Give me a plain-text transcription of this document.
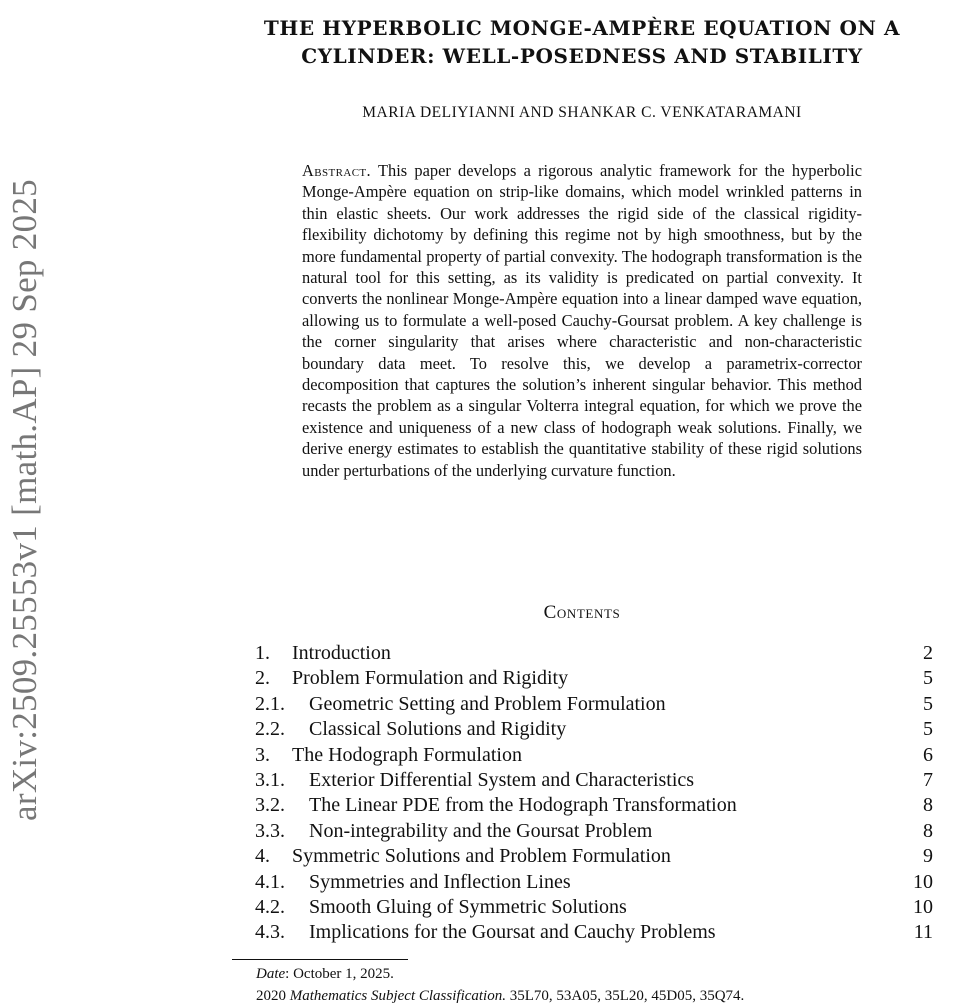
arXiv:2509.25553v1 [math.AP] 29 Sep 2025
THE HYPERBOLIC MONGE-AMPÈRE EQUATION ON A
CYLINDER: WELL-POSEDNESS AND STABILITY
MARIA DELIYIANNI AND SHANKAR C. VENKATARAMANI

Abstract. This paper develops a rigorous analytic framework for the hyperbolic Monge-Ampère equation on strip-like domains, which model wrinkled patterns in thin elastic sheets. Our work addresses the rigid side of the classical rigidity-flexibility dichotomy by defining this regime not by high smoothness, but by the more fundamental property of partial convexity. The hodograph transformation is the natural tool for this setting, as its validity is predicated on partial convexity. It converts the nonlinear Monge-Ampère equation into a linear damped wave equation, allowing us to formulate a well-posed Cauchy-Goursat problem. A key challenge is the corner singularity that arises where characteristic and non-characteristic boundary data meet. To resolve this, we develop a parametrix-corrector decomposition that captures the solution’s inherent singular behavior. This method recasts the problem as a singular Volterra integral equation, for which we prove the existence and uniqueness of a new class of hodograph weak solutions. Finally, we derive energy estimates to establish the quantitative stability of these rigid solutions under perturbations of the underlying curvature function.

Contents
1. Introduction	2
2. Problem Formulation and Rigidity	5
2.1. Geometric Setting and Problem Formulation	5
2.2. Classical Solutions and Rigidity	5
3. The Hodograph Formulation	6
3.1. Exterior Differential System and Characteristics	7
3.2. The Linear PDE from the Hodograph Transformation	8
3.3. Non-integrability and the Goursat Problem	8
4. Symmetric Solutions and Problem Formulation	9
4.1. Symmetries and Inflection Lines	10
4.2. Smooth Gluing of Symmetric Solutions	10
4.3. Implications for the Goursat and Cauchy Problems	11
Date: October 1, 2025.
2020 Mathematics Subject Classification. 35L70, 53A05, 35L20, 45D05, 35Q74.
